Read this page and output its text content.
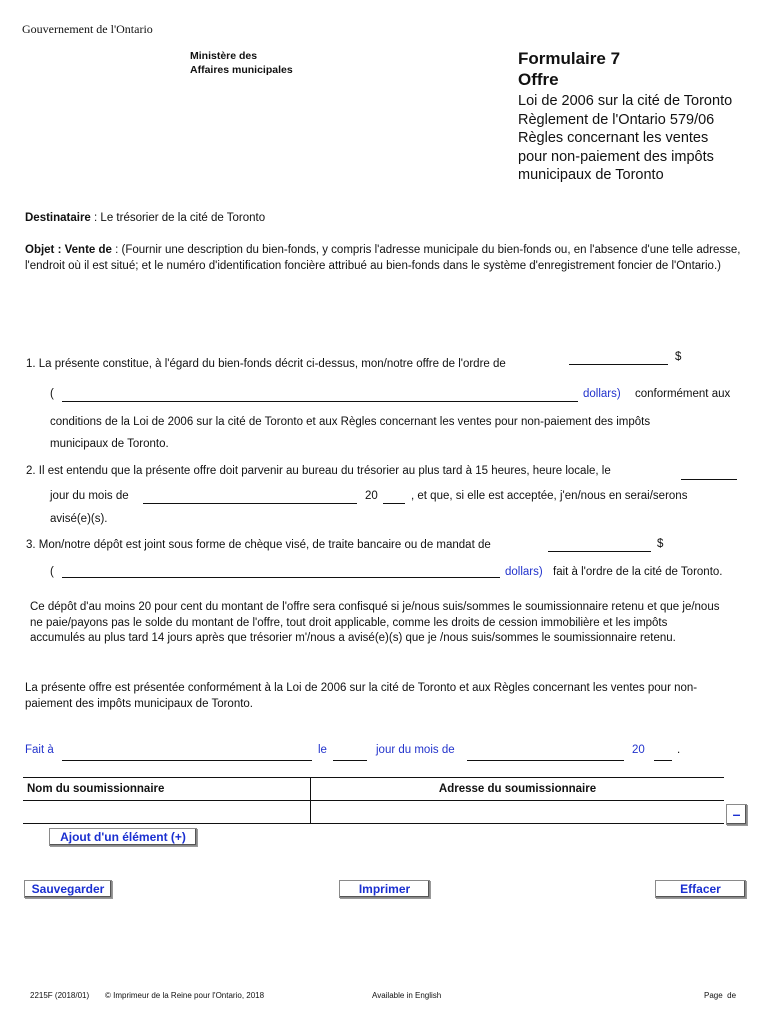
Gouvernement de l'Ontario
Ministère des
Affaires municipales
Formulaire 7
Offre
Loi de 2006 sur la cité de Toronto
Règlement de l'Ontario 579/06
Règles concernant les ventes
pour non-paiement des impôts
municipaux de Toronto
Destinataire : Le trésorier de la cité de Toronto
Objet : Vente de : (Fournir une description du bien-fonds, y compris l'adresse municipale du bien-fonds ou, en l'absence d'une telle adresse, l'endroit où il est situé; et le numéro d'identification foncière attribué au bien-fonds dans le système d'enregistrement foncier de l'Ontario.)
1. La présente constitue, à l'égard du bien-fonds décrit ci-dessus, mon/notre offre de l'ordre de
$
(	dollars) conformément aux
conditions de la Loi de 2006 sur la cité de Toronto et aux Règles concernant les ventes pour non-paiement des impôts
municipaux de Toronto.
2. Il est entendu que la présente offre doit parvenir au bureau du trésorier au plus tard à 15 heures, heure locale, le
jour du mois de	20	, et que, si elle est acceptée, j'en/nous en serai/serons
avisé(e)(s).
3. Mon/notre dépôt est joint sous forme de chèque visé, de traite bancaire ou de mandat de	$
(	dollars) fait à l'ordre de la cité de Toronto.
Ce dépôt d'au moins 20 pour cent du montant de l'offre sera confisqué si je/nous suis/sommes le soumissionnaire retenu et que je/nous ne paie/payons pas le solde du montant de l'offre, tout droit applicable, comme les droits de cession immobilière et les impôts accumulés au plus tard 14 jours après que trésorier m'/nous a avisé(e)(s) que je /nous suis/sommes le soumissionnaire retenu.
La présente offre est présentée conformément à la Loi de 2006 sur la cité de Toronto et aux Règles concernant les ventes pour non-paiement des impôts municipaux de Toronto.
Fait à	le	jour du mois de	20	.
Nom du soumissionnaire	Adresse du soumissionnaire

–
Ajout d'un élément (+)
Sauvegarder	Imprimer	Effacer
2215F (2018/01) © Imprimeur de la Reine pour l'Ontario, 2018	Available in English	Page  de
